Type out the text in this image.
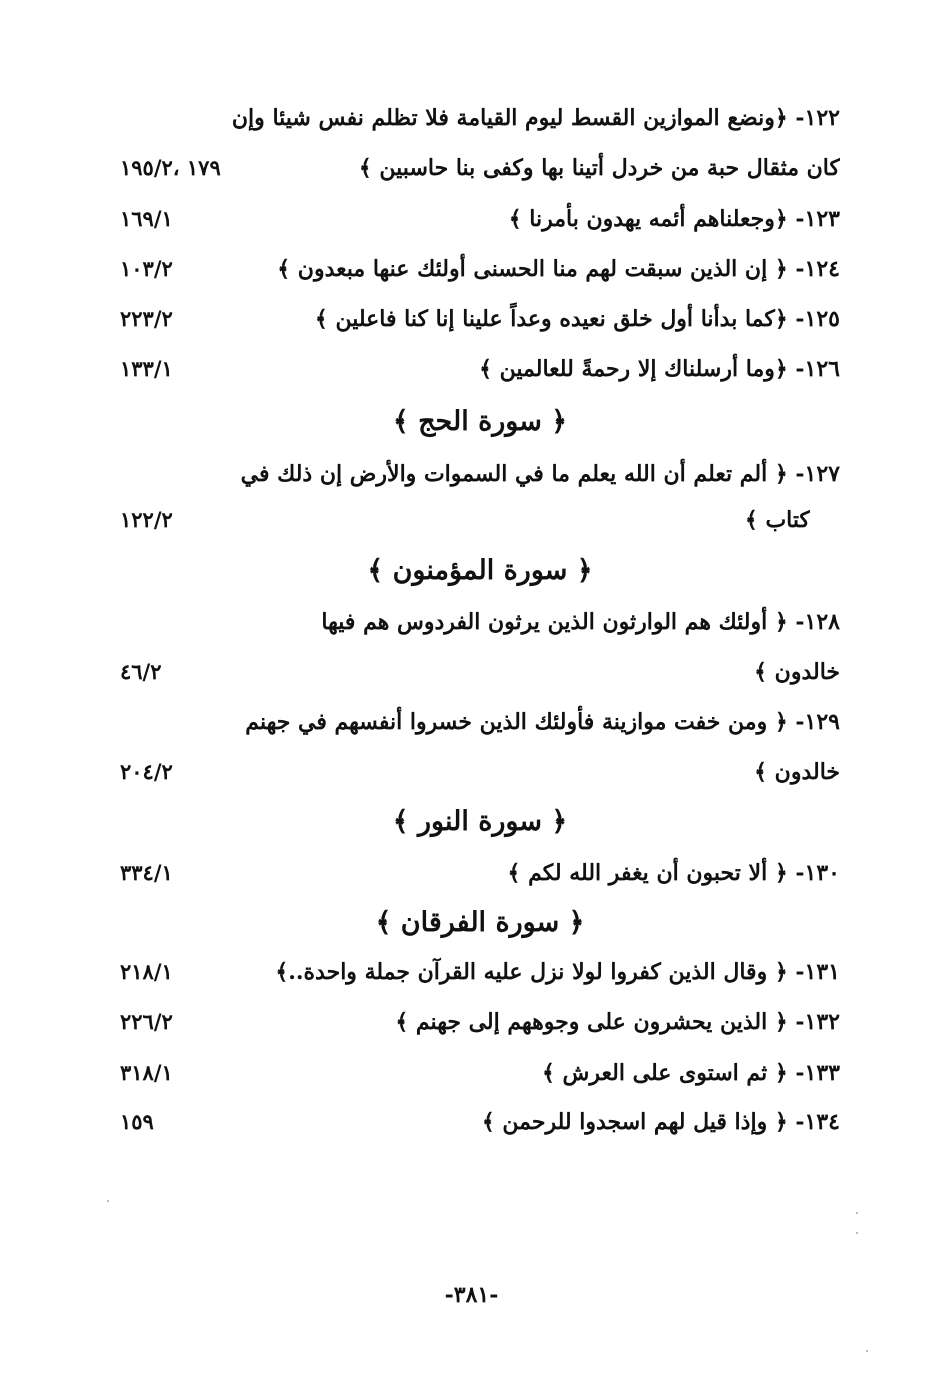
١٢٢- ﴿ونضع الموازين القسط ليوم القيامة فلا تظلم نفس شيئا وإن
كان مثقال حبة من خردل أتينا بها وكفى بنا حاسبين ﴾
١٧٩ ،١٩٥/٢
١٢٣- ﴿وجعلناهم أئمه يهدون بأمرنا ﴾
١٦٩/١
١٢٤- ﴿ إن الذين سبقت لهم منا الحسنى أولئك عنها مبعدون ﴾
١٠٣/٢
١٢٥- ﴿كما بدأنا أول خلق نعيده وعداً علينا إنا كنا فاعلين ﴾
٢٢٣/٢
١٢٦- ﴿وما أرسلناك إلا رحمةً للعالمين ﴾
١٣٣/١
﴿ سورة الحج ﴾
١٢٧- ﴿ ألم تعلم أن الله يعلم ما في السموات والأرض إن ذلك في
كتاب ﴾
١٢٢/٢
﴿ سورة المؤمنون ﴾
١٢٨- ﴿ أولئك هم الوارثون الذين يرثون الفردوس هم فيها
خالدون ﴾
٤٦/٢
١٢٩- ﴿ ومن خفت موازينة فأولئك الذين خسروا أنفسهم في جهنم
خالدون ﴾
٢٠٤/٢
﴿ سورة النور ﴾
١٣٠- ﴿ ألا تحبون أن يغفر الله لكم ﴾
٣٣٤/١
﴿ سورة الفرقان ﴾
١٣١- ﴿ وقال الذين كفروا لولا نزل عليه القرآن جملة واحدة..﴾
٢١٨/١
١٣٢- ﴿ الذين يحشرون على وجوههم إلى جهنم ﴾
٢٢٦/٢
١٣٣- ﴿ ثم استوى على العرش ﴾
٣١٨/١
١٣٤- ﴿ وإذا قيل لهم اسجدوا للرحمن ﴾
١٥٩
-٣٨١-
